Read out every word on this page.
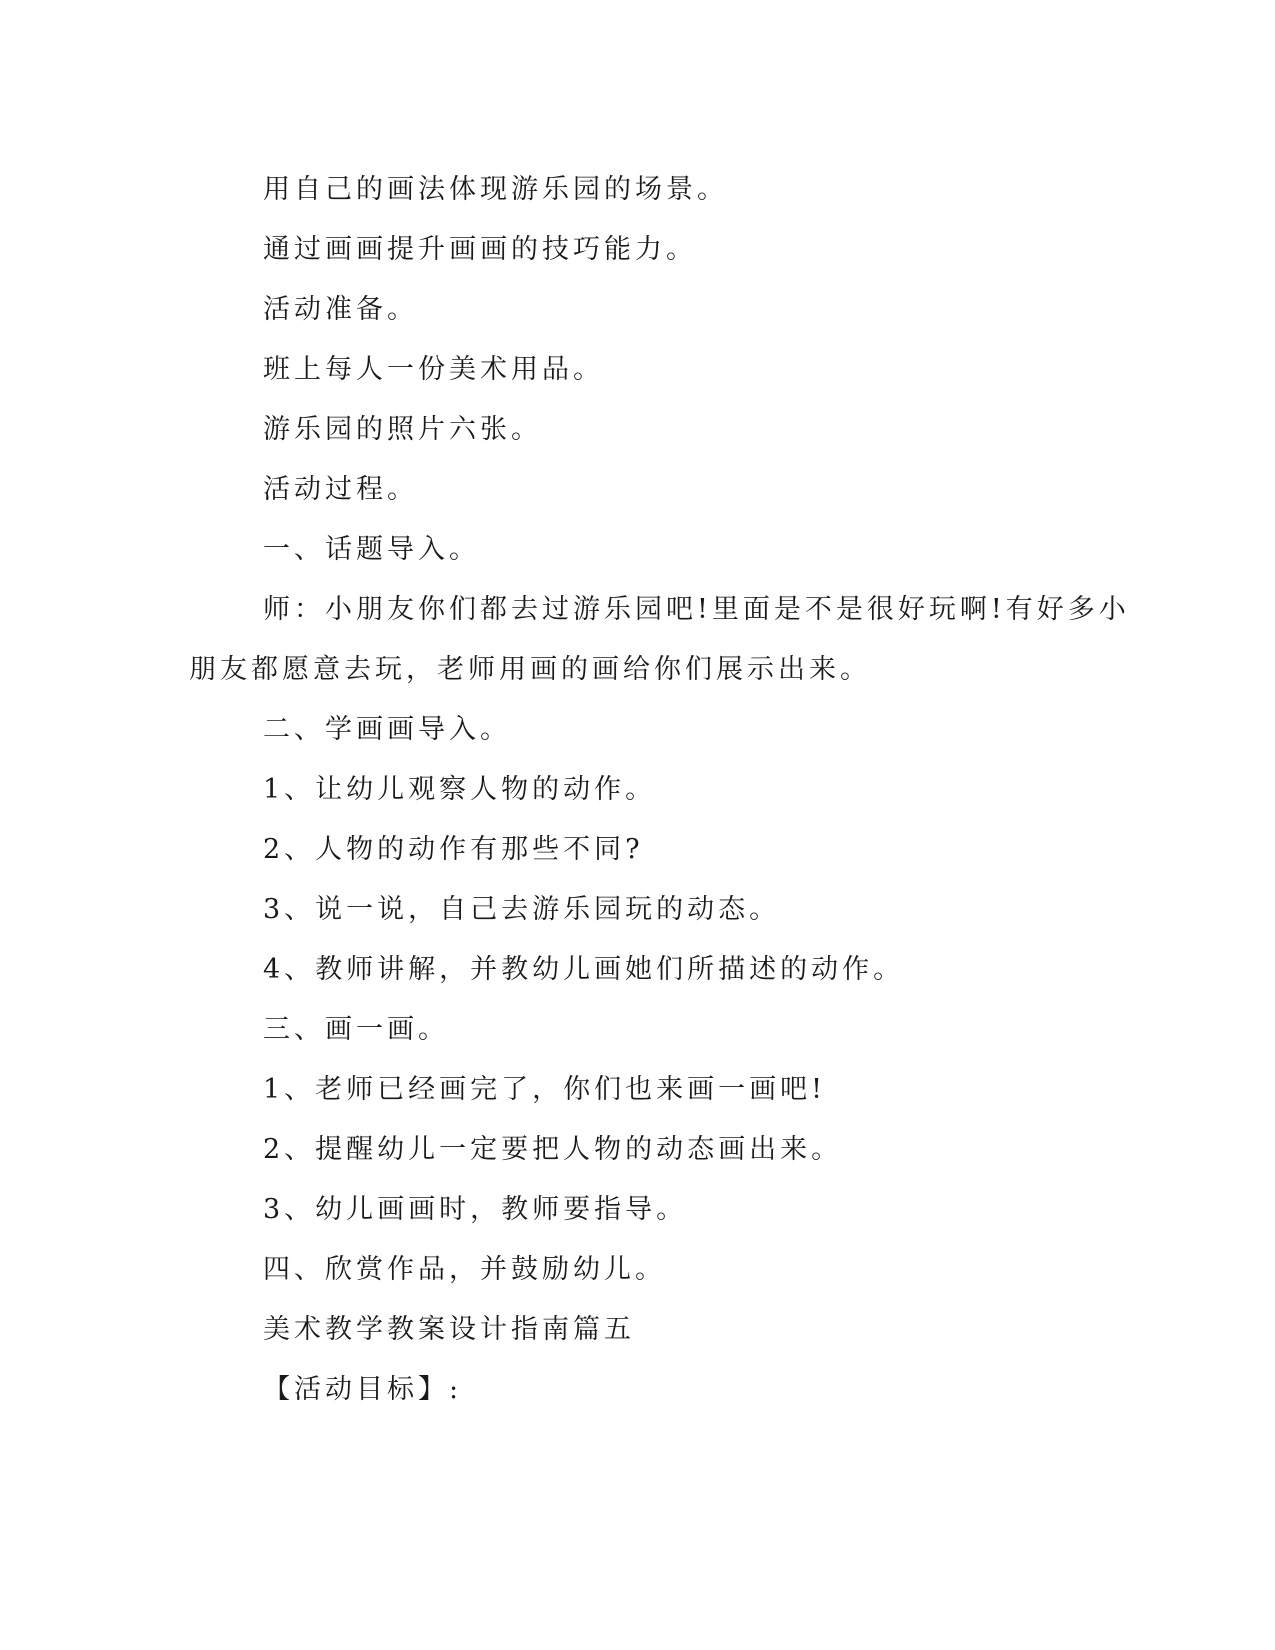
用自己的画法体现游乐园的场景。
通过画画提升画画的技巧能力。
活动准备。
班上每人一份美术用品。
游乐园的照片六张。
活动过程。
一、话题导入。
师：小朋友你们都去过游乐园吧!里面是不是很好玩啊!有好多小
朋友都愿意去玩，老师用画的画给你们展示出来。
二、学画画导入。
1、让幼儿观察人物的动作。
2、人物的动作有那些不同?
3、说一说，自己去游乐园玩的动态。
4、教师讲解，并教幼儿画她们所描述的动作。
三、画一画。
1、老师已经画完了，你们也来画一画吧!
2、提醒幼儿一定要把人物的动态画出来。
3、幼儿画画时，教师要指导。
四、欣赏作品，并鼓励幼儿。
美术教学教案设计指南篇五
【活动目标】:
